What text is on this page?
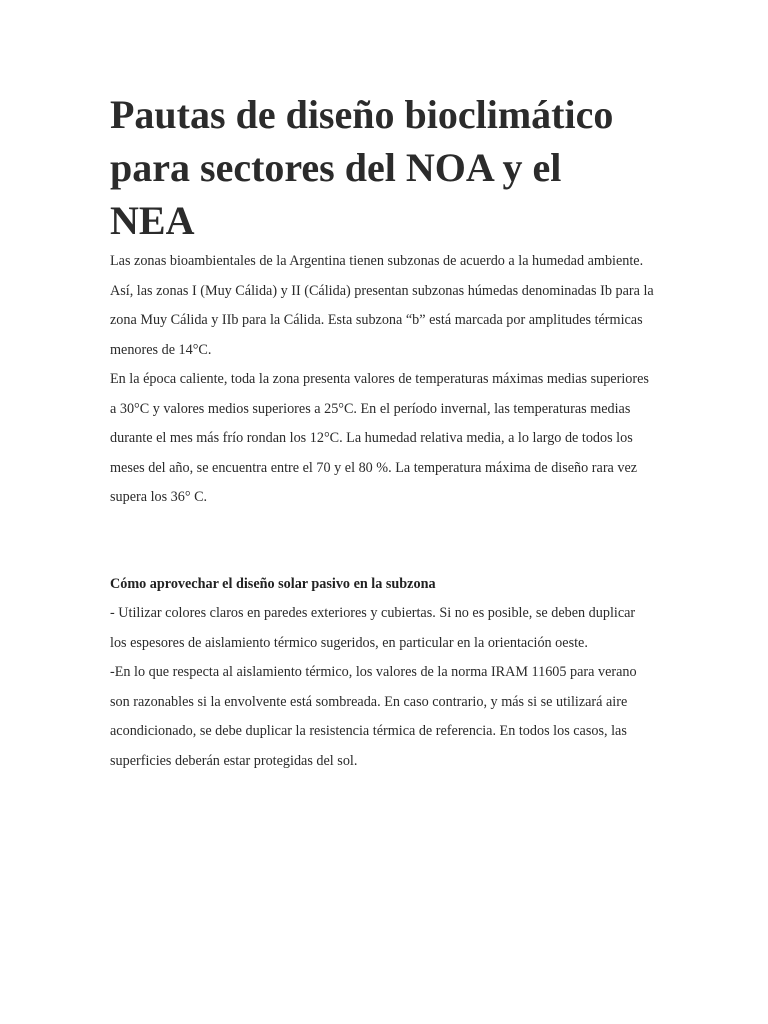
Pautas de diseño bioclimático para sectores del NOA y el NEA

Las zonas bioambientales de la Argentina tienen subzonas de acuerdo a la humedad ambiente. Así, las zonas I (Muy Cálida) y II (Cálida) presentan subzonas húmedas denominadas Ib para la zona Muy Cálida y IIb para la Cálida. Esta subzona “b” está marcada por amplitudes térmicas menores de 14°C.

En la época caliente, toda la zona presenta valores de temperaturas máximas medias superiores a 30°C y valores medios superiores a 25°C. En el período invernal, las temperaturas medias durante el mes más frío rondan los 12°C. La humedad relativa media, a lo largo de todos los meses del año, se encuentra entre el 70 y el 80 %. La temperatura máxima de diseño rara vez supera los 36° C.

Cómo aprovechar el diseño solar pasivo en la subzona

- Utilizar colores claros en paredes exteriores y cubiertas. Si no es posible, se deben duplicar los espesores de aislamiento térmico sugeridos, en particular en la orientación oeste.

-En lo que respecta al aislamiento térmico, los valores de la norma IRAM 11605 para verano son razonables si la envolvente está sombreada. En caso contrario, y más si se utilizará aire acondicionado, se debe duplicar la resistencia térmica de referencia. En todos los casos, las superficies deberán estar protegidas del sol.
